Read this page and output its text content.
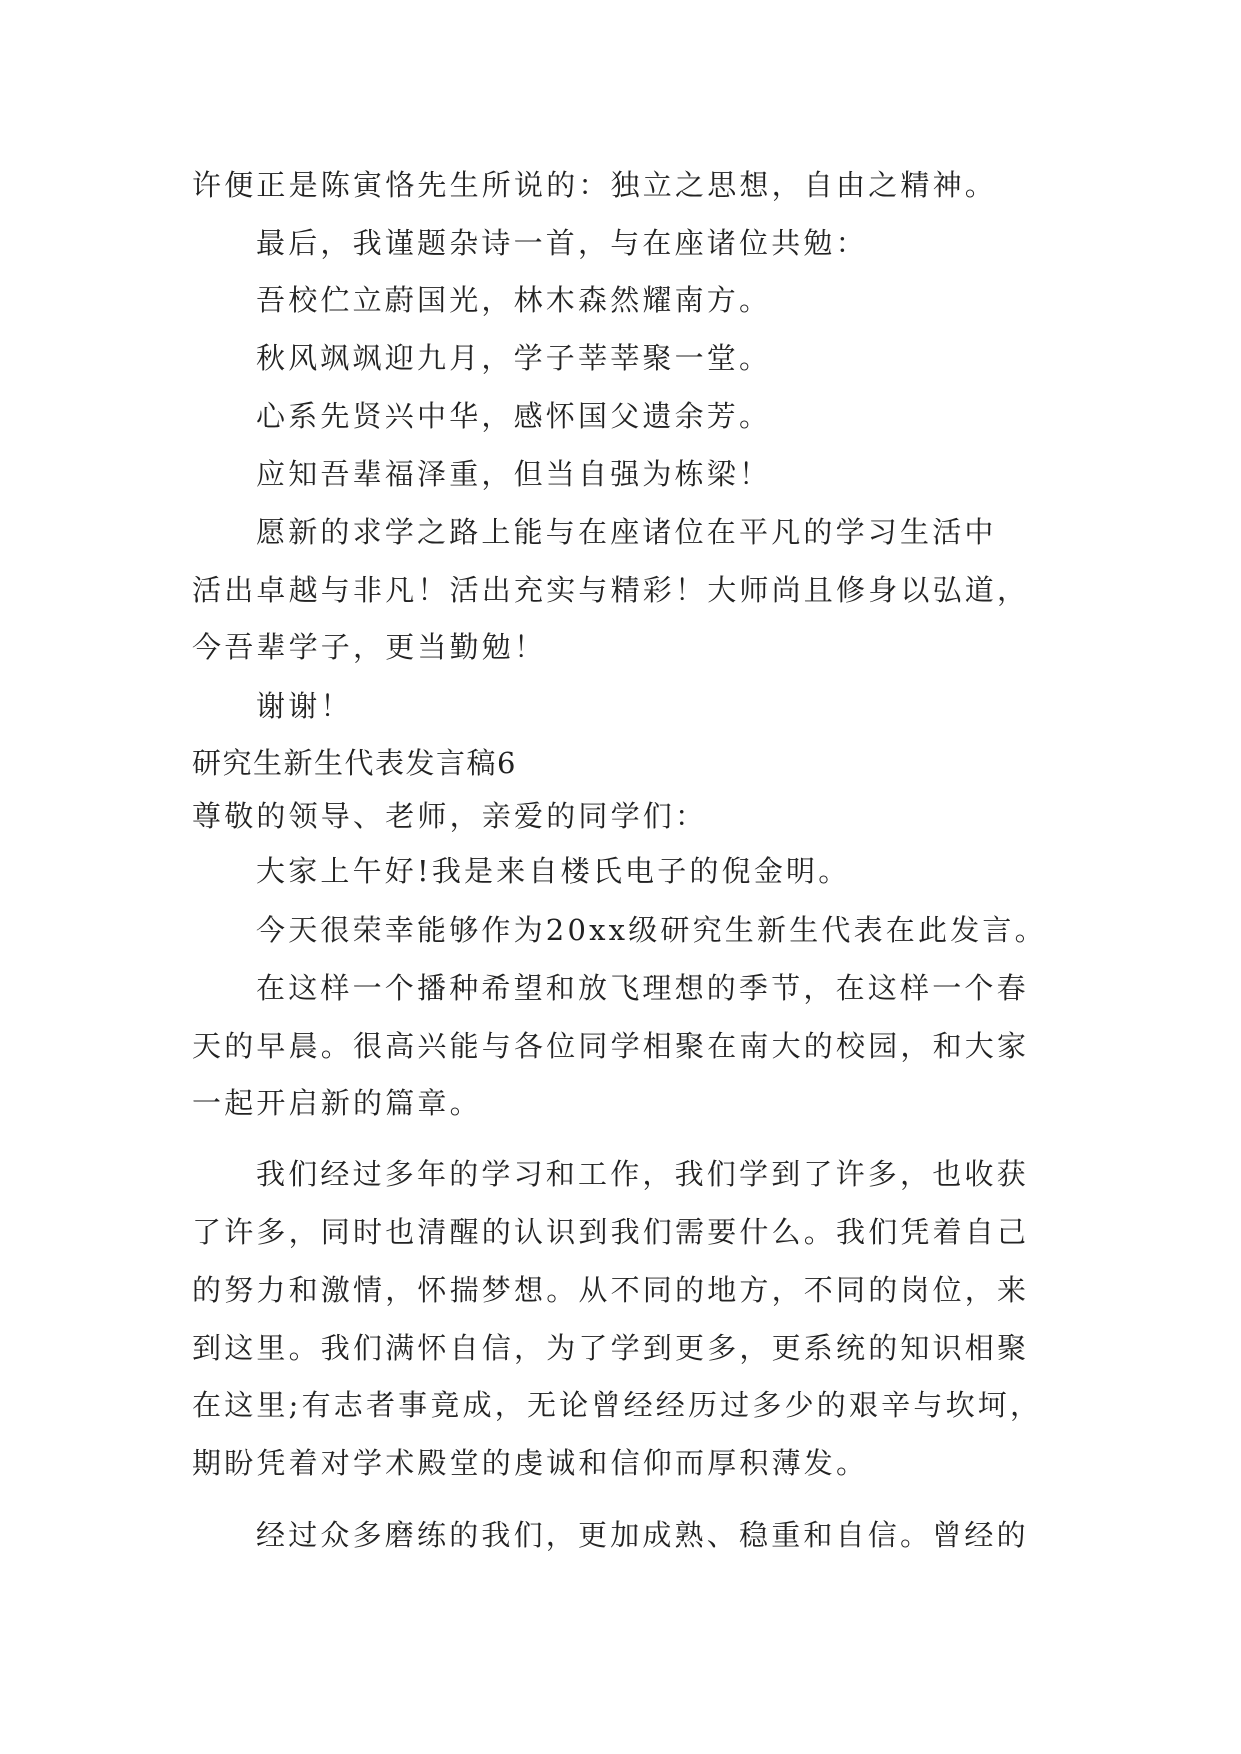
许便正是陈寅恪先生所说的：独立之思想，自由之精神。
最后，我谨题杂诗一首，与在座诸位共勉：
吾校伫立蔚国光，林木森然耀南方。
秋风飒飒迎九月，学子莘莘聚一堂。
心系先贤兴中华，感怀国父遗余芳。
应知吾辈福泽重，但当自强为栋梁！
愿新的求学之路上能与在座诸位在平凡的学习生活中
活出卓越与非凡！活出充实与精彩！大师尚且修身以弘道，
今吾辈学子，更当勤勉！
谢谢！
研究生新生代表发言稿6
尊敬的领导、老师，亲爱的同学们：
大家上午好!我是来自楼氏电子的倪金明。
今天很荣幸能够作为20xx级研究生新生代表在此发言。
在这样一个播种希望和放飞理想的季节，在这样一个春
天的早晨。很高兴能与各位同学相聚在南大的校园，和大家
一起开启新的篇章。
我们经过多年的学习和工作，我们学到了许多，也收获
了许多，同时也清醒的认识到我们需要什么。我们凭着自己
的努力和激情，怀揣梦想。从不同的地方，不同的岗位，来
到这里。我们满怀自信，为了学到更多，更系统的知识相聚
在这里;有志者事竟成，无论曾经经历过多少的艰辛与坎坷，
期盼凭着对学术殿堂的虔诚和信仰而厚积薄发。
经过众多磨练的我们，更加成熟、稳重和自信。曾经的
